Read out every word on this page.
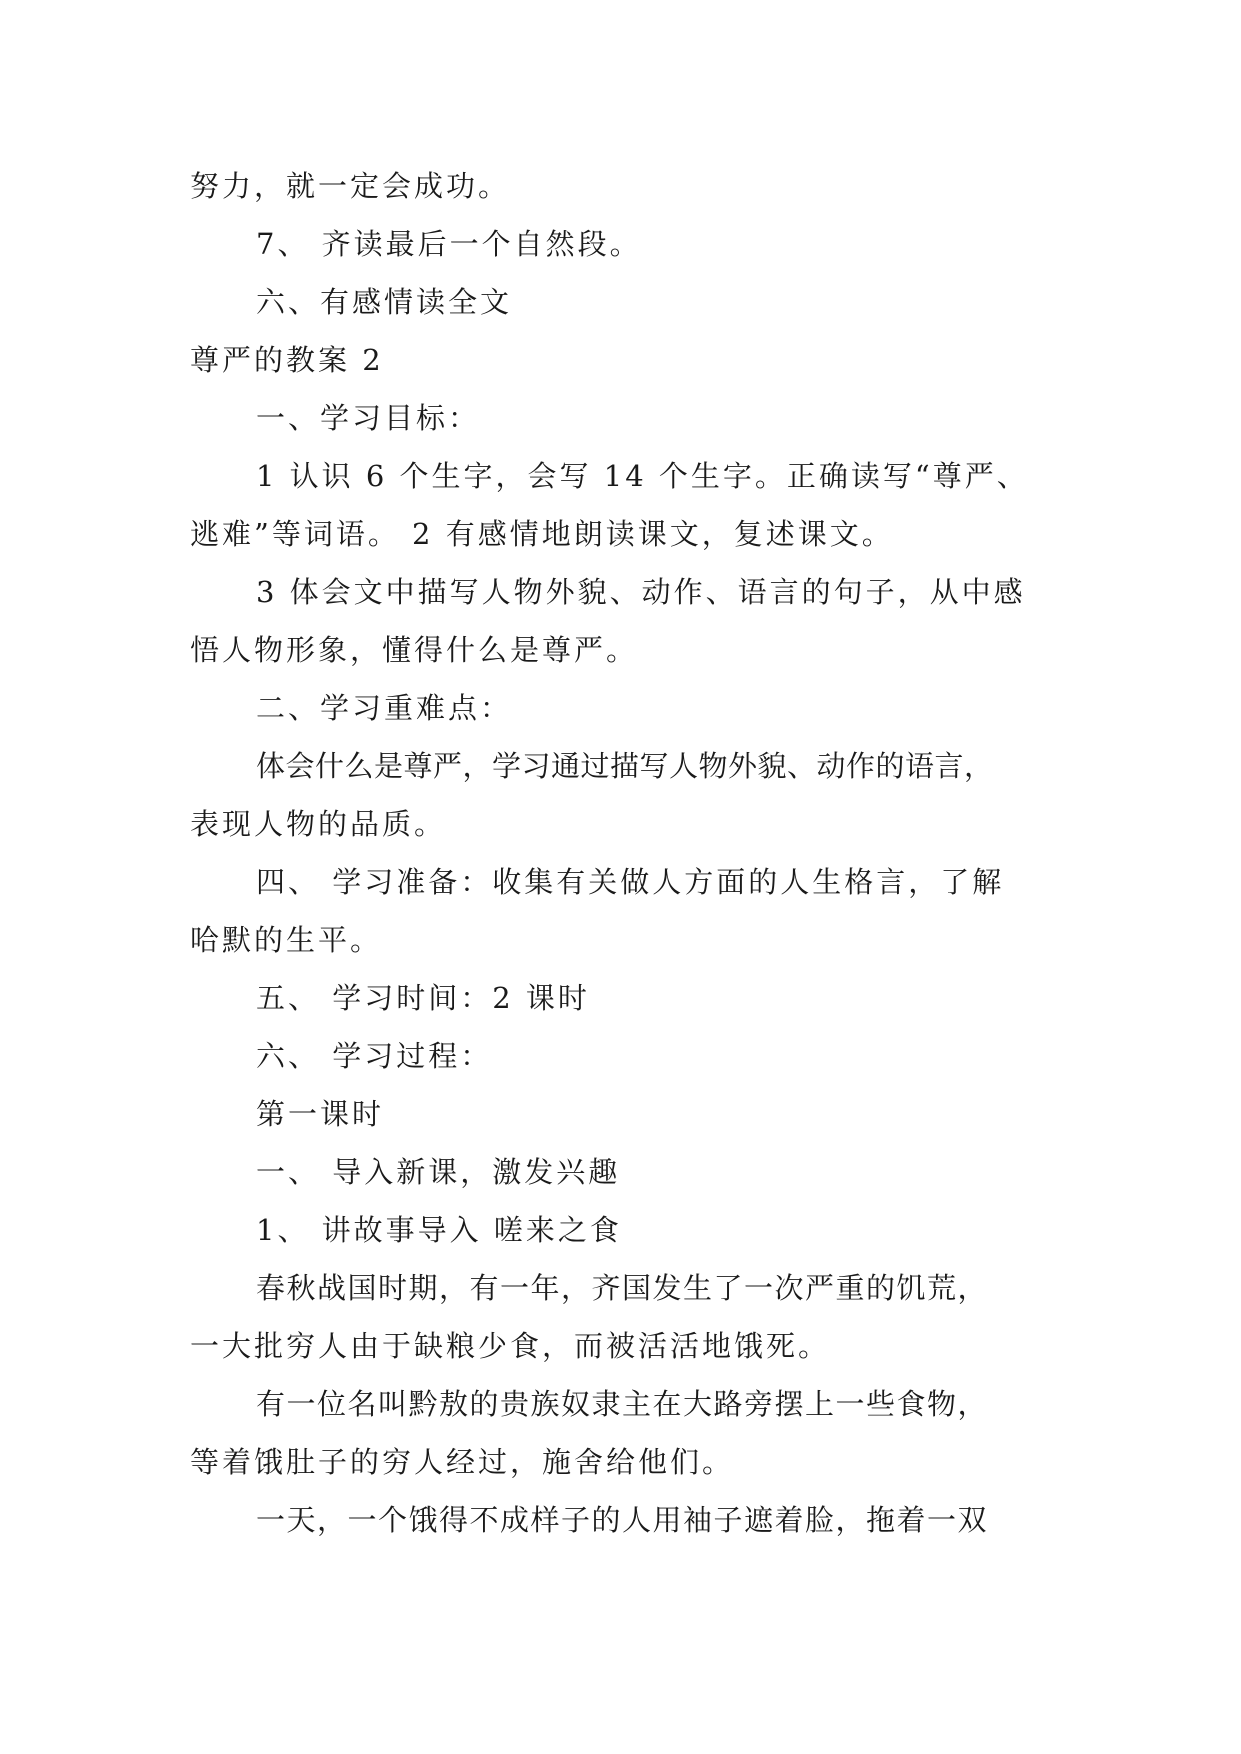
努力，就一定会成功。
7、 齐读最后一个自然段。
六、有感情读全文
尊严的教案 2
一、学习目标：
1 认识 6 个生字，会写 14 个生字。正确读写“尊严、
逃难”等词语。 2 有感情地朗读课文，复述课文。
3 体会文中描写人物外貌、动作、语言的句子，从中感
悟人物形象，懂得什么是尊严。
二、学习重难点：
体会什么是尊严，学习通过描写人物外貌、动作的语言，
表现人物的品质。
四、 学习准备：收集有关做人方面的人生格言，了解
哈默的生平。
五、 学习时间：2 课时
六、 学习过程：
第一课时
一、 导入新课，激发兴趣
1、 讲故事导入 嗟来之食
春秋战国时期，有一年，齐国发生了一次严重的饥荒，
一大批穷人由于缺粮少食，而被活活地饿死。
有一位名叫黔敖的贵族奴隶主在大路旁摆上一些食物，
等着饿肚子的穷人经过，施舍给他们。
一天，一个饿得不成样子的人用袖子遮着脸，拖着一双
